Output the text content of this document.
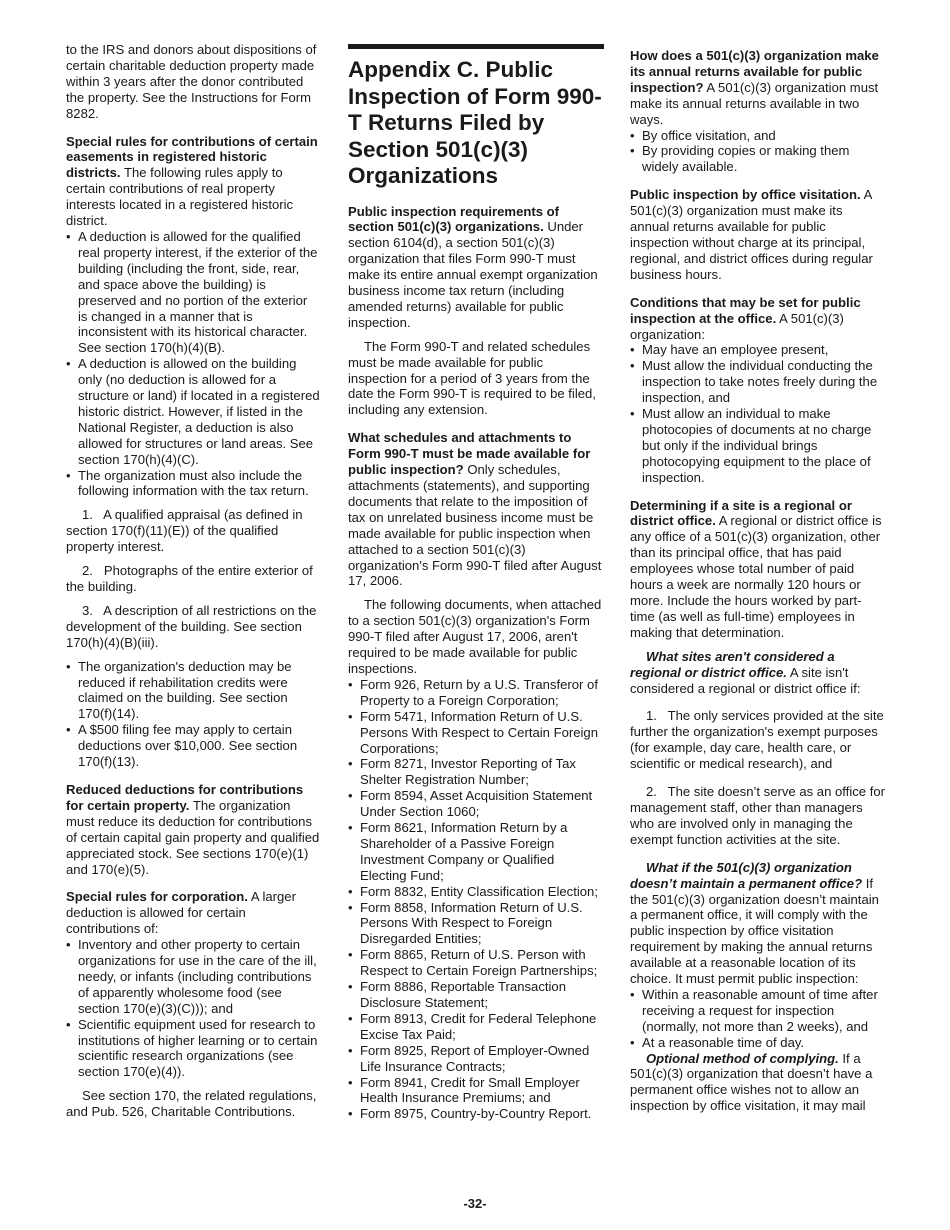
to the IRS and donors about dispositions of certain charitable deduction property made within 3 years after the donor contributed the property. See the Instructions for Form 8282.

Special rules for contributions of certain easements in registered historic districts. The following rules apply to certain contributions of real property interests located in a registered historic district.

• A deduction is allowed for the qualified real property interest, if the exterior of the building (including the front, side, rear, and space above the building) is preserved and no portion of the exterior is changed in a manner that is inconsistent with its historical character. See section 170(h)(4)(B).

• A deduction is allowed on the building only (no deduction is allowed for a structure or land) if located in a registered historic district. However, if listed in the National Register, a deduction is also allowed for structures or land areas. See section 170(h)(4)(C).

• The organization must also include the following information with the tax return.

1.   A qualified appraisal (as defined in section 170(f)(11)(E)) of the qualified property interest.

2.   Photographs of the entire exterior of the building.

3.   A description of all restrictions on the development of the building. See section 170(h)(4)(B)(iii).

• The organization's deduction may be reduced if rehabilitation credits were claimed on the building. See section 170(f)(14).

• A $500 filing fee may apply to certain deductions over $10,000. See section 170(f)(13).

Reduced deductions for contributions for certain property. The organization must reduce its deduction for contributions of certain capital gain property and qualified appreciated stock. See sections 170(e)(1) and 170(e)(5).

Special rules for corporation. A larger deduction is allowed for certain contributions of:

• Inventory and other property to certain organizations for use in the care of the ill, needy, or infants (including contributions of apparently wholesome food (see section 170(e)(3)(C))); and

• Scientific equipment used for research to institutions of higher learning or to certain scientific research organizations (see section 170(e)(4)).

See section 170, the related regulations, and Pub. 526, Charitable Contributions.

Appendix C. Public Inspection of Form 990-T Returns Filed by Section 501(c)(3) Organizations

Public inspection requirements of section 501(c)(3) organizations. Under section 6104(d), a section 501(c)(3) organization that files Form 990-T must make its entire annual exempt organization business income tax return (including amended returns) available for public inspection.

The Form 990-T and related schedules must be made available for public inspection for a period of 3 years from the date the Form 990-T is required to be filed, including any extension.

What schedules and attachments to Form 990-T must be made available for public inspection? Only schedules, attachments (statements), and supporting documents that relate to the imposition of tax on unrelated business income must be made available for public inspection when attached to a section 501(c)(3) organization's Form 990-T filed after August 17, 2006.

The following documents, when attached to a section 501(c)(3) organization's Form 990-T filed after August 17, 2006, aren't required to be made available for public inspections.

• Form 926, Return by a U.S. Transferor of Property to a Foreign Corporation;

• Form 5471, Information Return of U.S. Persons With Respect to Certain Foreign Corporations;

• Form 8271, Investor Reporting of Tax Shelter Registration Number;

• Form 8594, Asset Acquisition Statement Under Section 1060;

• Form 8621, Information Return by a Shareholder of a Passive Foreign Investment Company or Qualified Electing Fund;

• Form 8832, Entity Classification Election;

• Form 8858, Information Return of U.S. Persons With Respect to Foreign Disregarded Entities;

• Form 8865, Return of U.S. Person with Respect to Certain Foreign Partnerships;

• Form 8886, Reportable Transaction Disclosure Statement;

• Form 8913, Credit for Federal Telephone Excise Tax Paid;

• Form 8925, Report of Employer-Owned Life Insurance Contracts;

• Form 8941, Credit for Small Employer Health Insurance Premiums; and

• Form 8975, Country-by-Country Report.

How does a 501(c)(3) organization make its annual returns available for public inspection? A 501(c)(3) organization must make its annual returns available in two ways.

• By office visitation, and

• By providing copies or making them widely available.

Public inspection by office visitation. A 501(c)(3) organization must make its annual returns available for public inspection without charge at its principal, regional, and district offices during regular business hours.

Conditions that may be set for public inspection at the office. A 501(c)(3) organization:

• May have an employee present,

• Must allow the individual conducting the inspection to take notes freely during the inspection, and

• Must allow an individual to make photocopies of documents at no charge but only if the individual brings photocopying equipment to the place of inspection.

Determining if a site is a regional or district office. A regional or district office is any office of a 501(c)(3) organization, other than its principal office, that has paid employees whose total number of paid hours a week are normally 120 hours or more. Include the hours worked by part-time (as well as full-time) employees in making that determination.

What sites aren't considered a regional or district office. A site isn't considered a regional or district office if:

1.   The only services provided at the site further the organization's exempt purposes (for example, day care, health care, or scientific or medical research), and

2.   The site doesn’t serve as an office for management staff, other than managers who are involved only in managing the exempt function activities at the site.

What if the 501(c)(3) organization doesn’t maintain a permanent office? If the 501(c)(3) organization doesn’t maintain a permanent office, it will comply with the public inspection by office visitation requirement by making the annual returns available at a reasonable location of its choice. It must permit public inspection:

• Within a reasonable amount of time after receiving a request for inspection (normally, not more than 2 weeks), and

• At a reasonable time of day.

Optional method of complying. If a 501(c)(3) organization that doesn’t have a permanent office wishes not to allow an inspection by office visitation, it may mail

-32-
